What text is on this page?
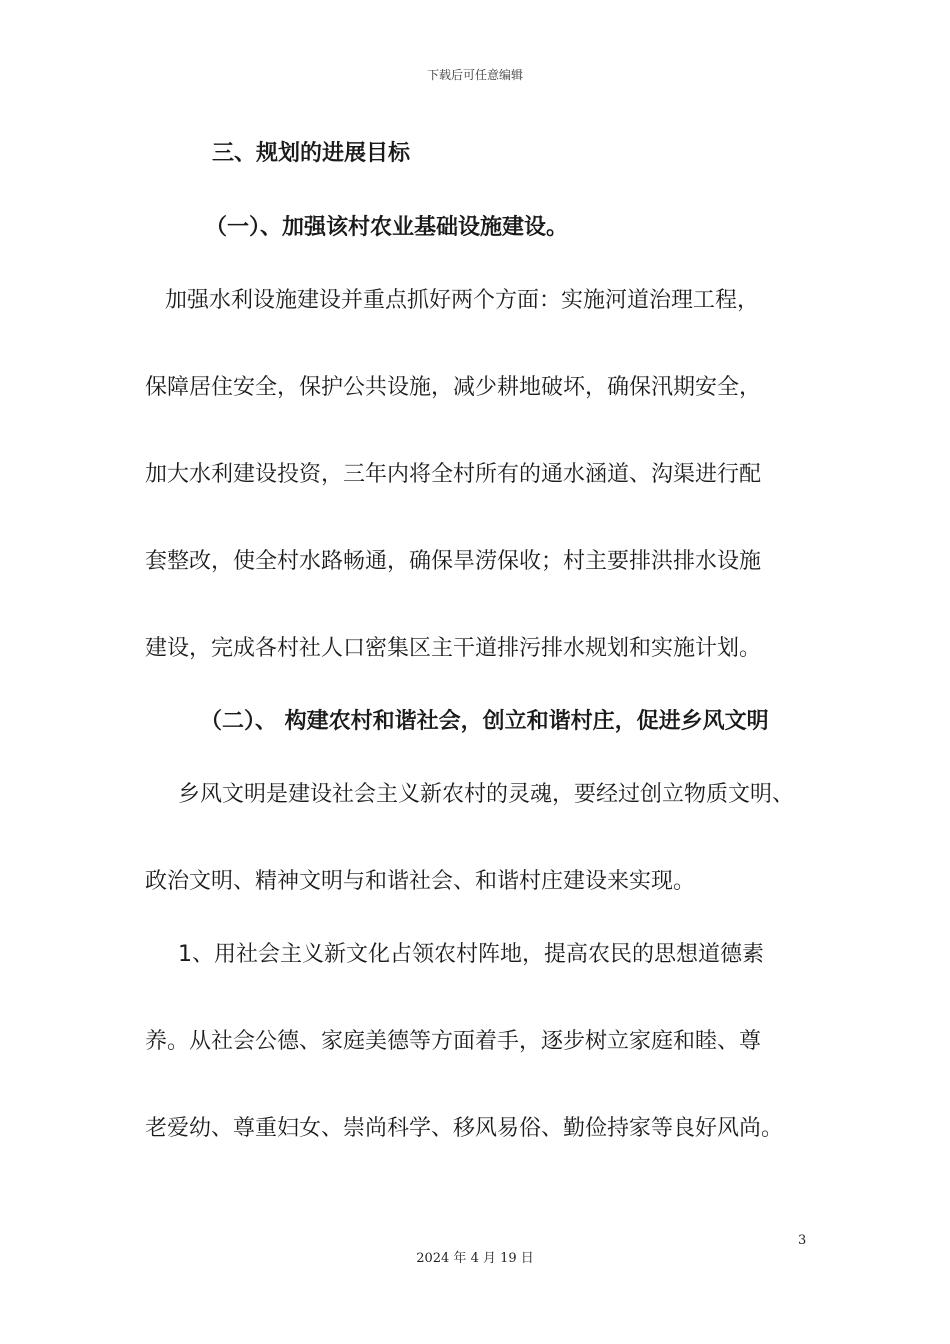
下载后可任意编辑
三、规划的进展目标
（一）、加强该村农业基础设施建设。
加强水利设施建设并重点抓好两个方面：实施河道治理工程，
保障居住安全，保护公共设施，减少耕地破坏，确保汛期安全，
加大水利建设投资，三年内将全村所有的通水涵道、沟渠进行配
套整改，使全村水路畅通，确保旱涝保收；村主要排洪排水设施
建设，完成各村社人口密集区主干道排污排水规划和实施计划。
（二）、 构建农村和谐社会，创立和谐村庄，促进乡风文明
乡风文明是建设社会主义新农村的灵魂，要经过创立物质文明、
政治文明、精神文明与和谐社会、和谐村庄建设来实现。
1、用社会主义新文化占领农村阵地，提高农民的思想道德素
养。从社会公德、家庭美德等方面着手，逐步树立家庭和睦、尊
老爱幼、尊重妇女、崇尚科学、移风易俗、勤俭持家等良好风尚。
3
2024 年 4 月 19 日
